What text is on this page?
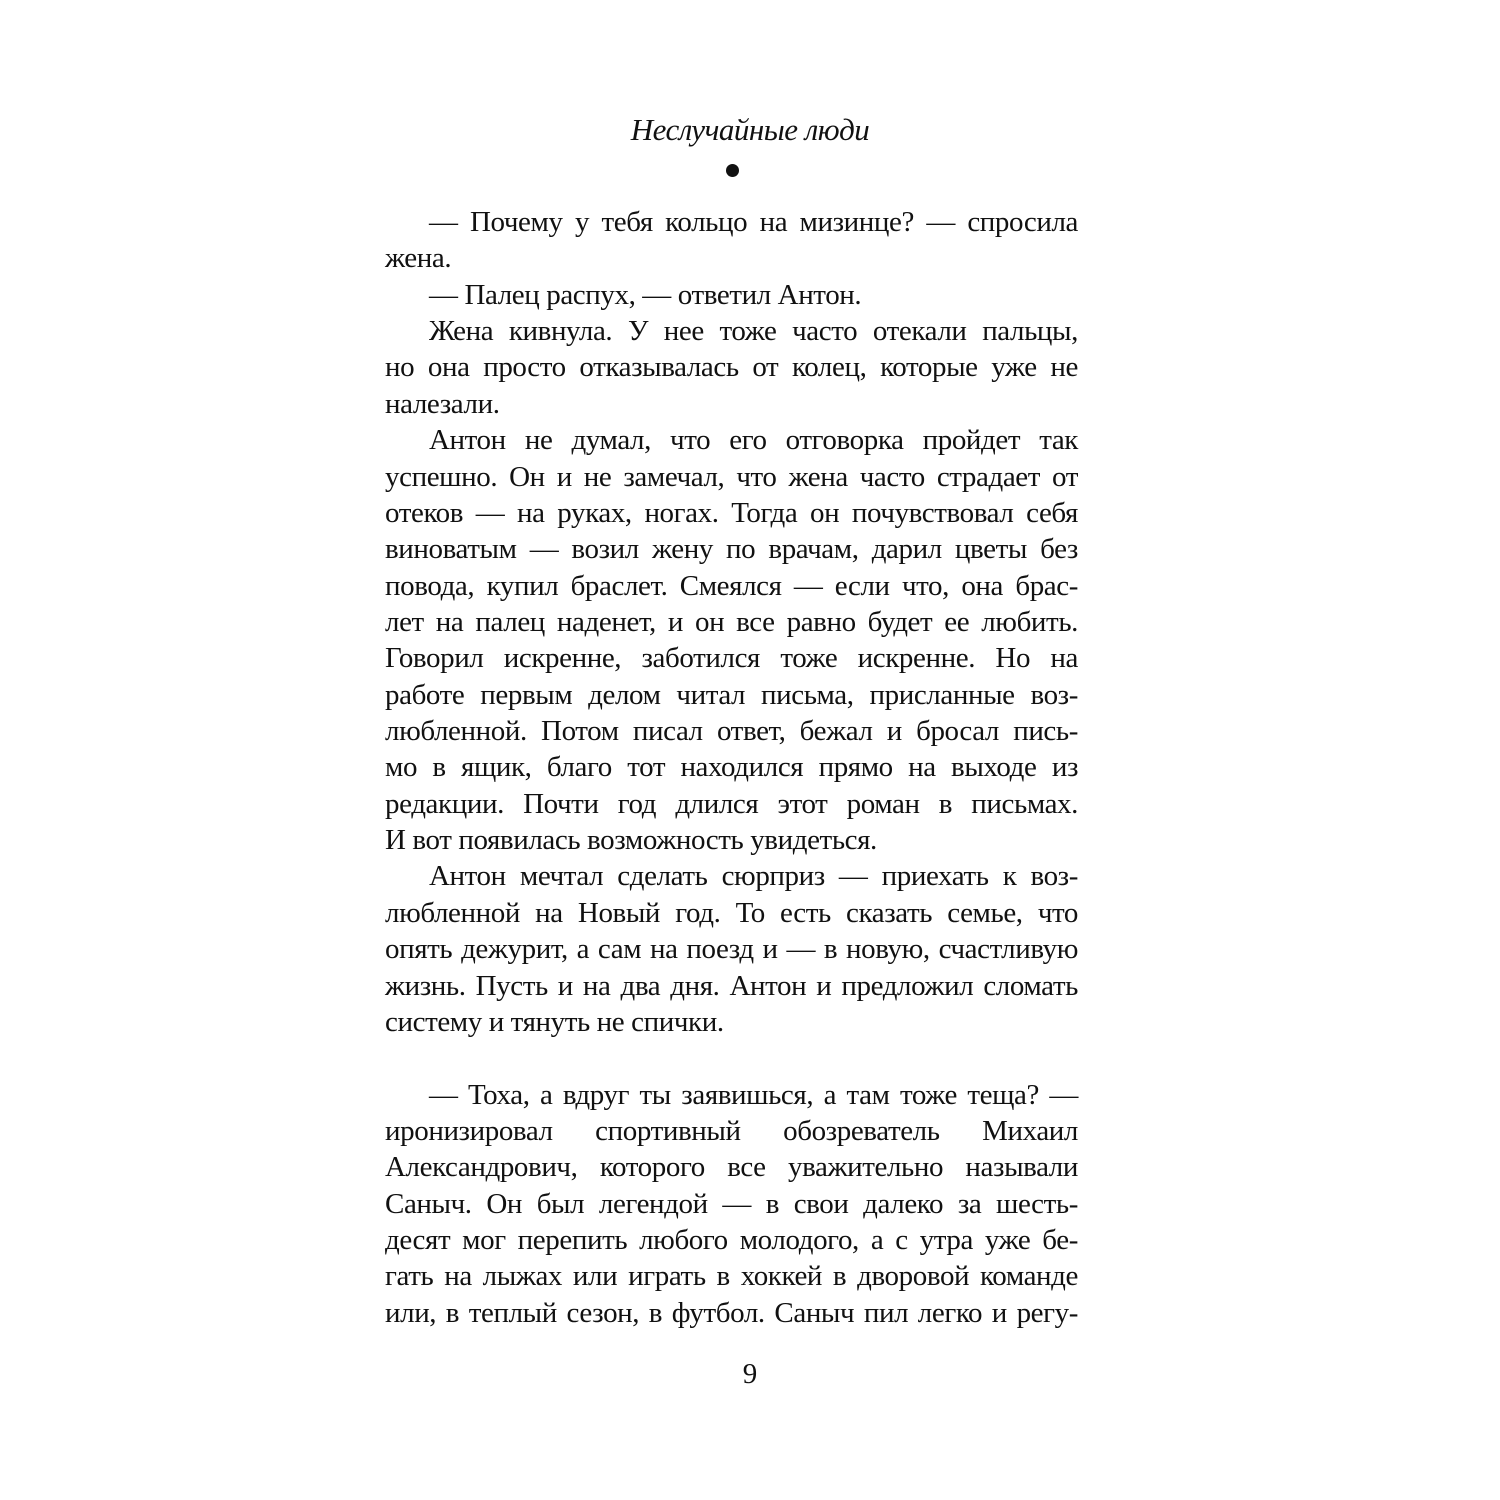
Неслучайные люди
— Почему у тебя кольцо на мизинце? — спросила
жена.
— Палец распух, — ответил Антон.
Жена кивнула. У нее тоже часто отекали пальцы,
но она просто отказывалась от колец, которые уже не
налезали.
Антон не думал, что его отговорка пройдет так
успешно. Он и не замечал, что жена часто страдает от
отеков — на руках, ногах. Тогда он почувствовал себя
виноватым — возил жену по врачам, дарил цветы без
повода, купил браслет. Смеялся — если что, она брас-
лет на палец наденет, и он все равно будет ее любить.
Говорил искренне, заботился тоже искренне. Но на
работе первым делом читал письма, присланные воз-
любленной. Потом писал ответ, бежал и бросал пись-
мо в ящик, благо тот находился прямо на выходе из
редакции. Почти год длился этот роман в письмах.
И вот появилась возможность увидеться.
Антон мечтал сделать сюрприз — приехать к воз-
любленной на Новый год. То есть сказать семье, что
опять дежурит, а сам на поезд и — в новую, счастливую
жизнь. Пусть и на два дня. Антон и предложил сломать
систему и тянуть не спички.
— Тоха, а вдруг ты заявишься, а там тоже теща? —
иронизировал спортивный обозреватель Михаил
Александрович, которого все уважительно называли
Саныч. Он был легендой — в свои далеко за шесть-
десят мог перепить любого молодого, а с утра уже бе-
гать на лыжах или играть в хоккей в дворовой команде
или, в теплый сезон, в футбол. Саныч пил легко и регу-
9
